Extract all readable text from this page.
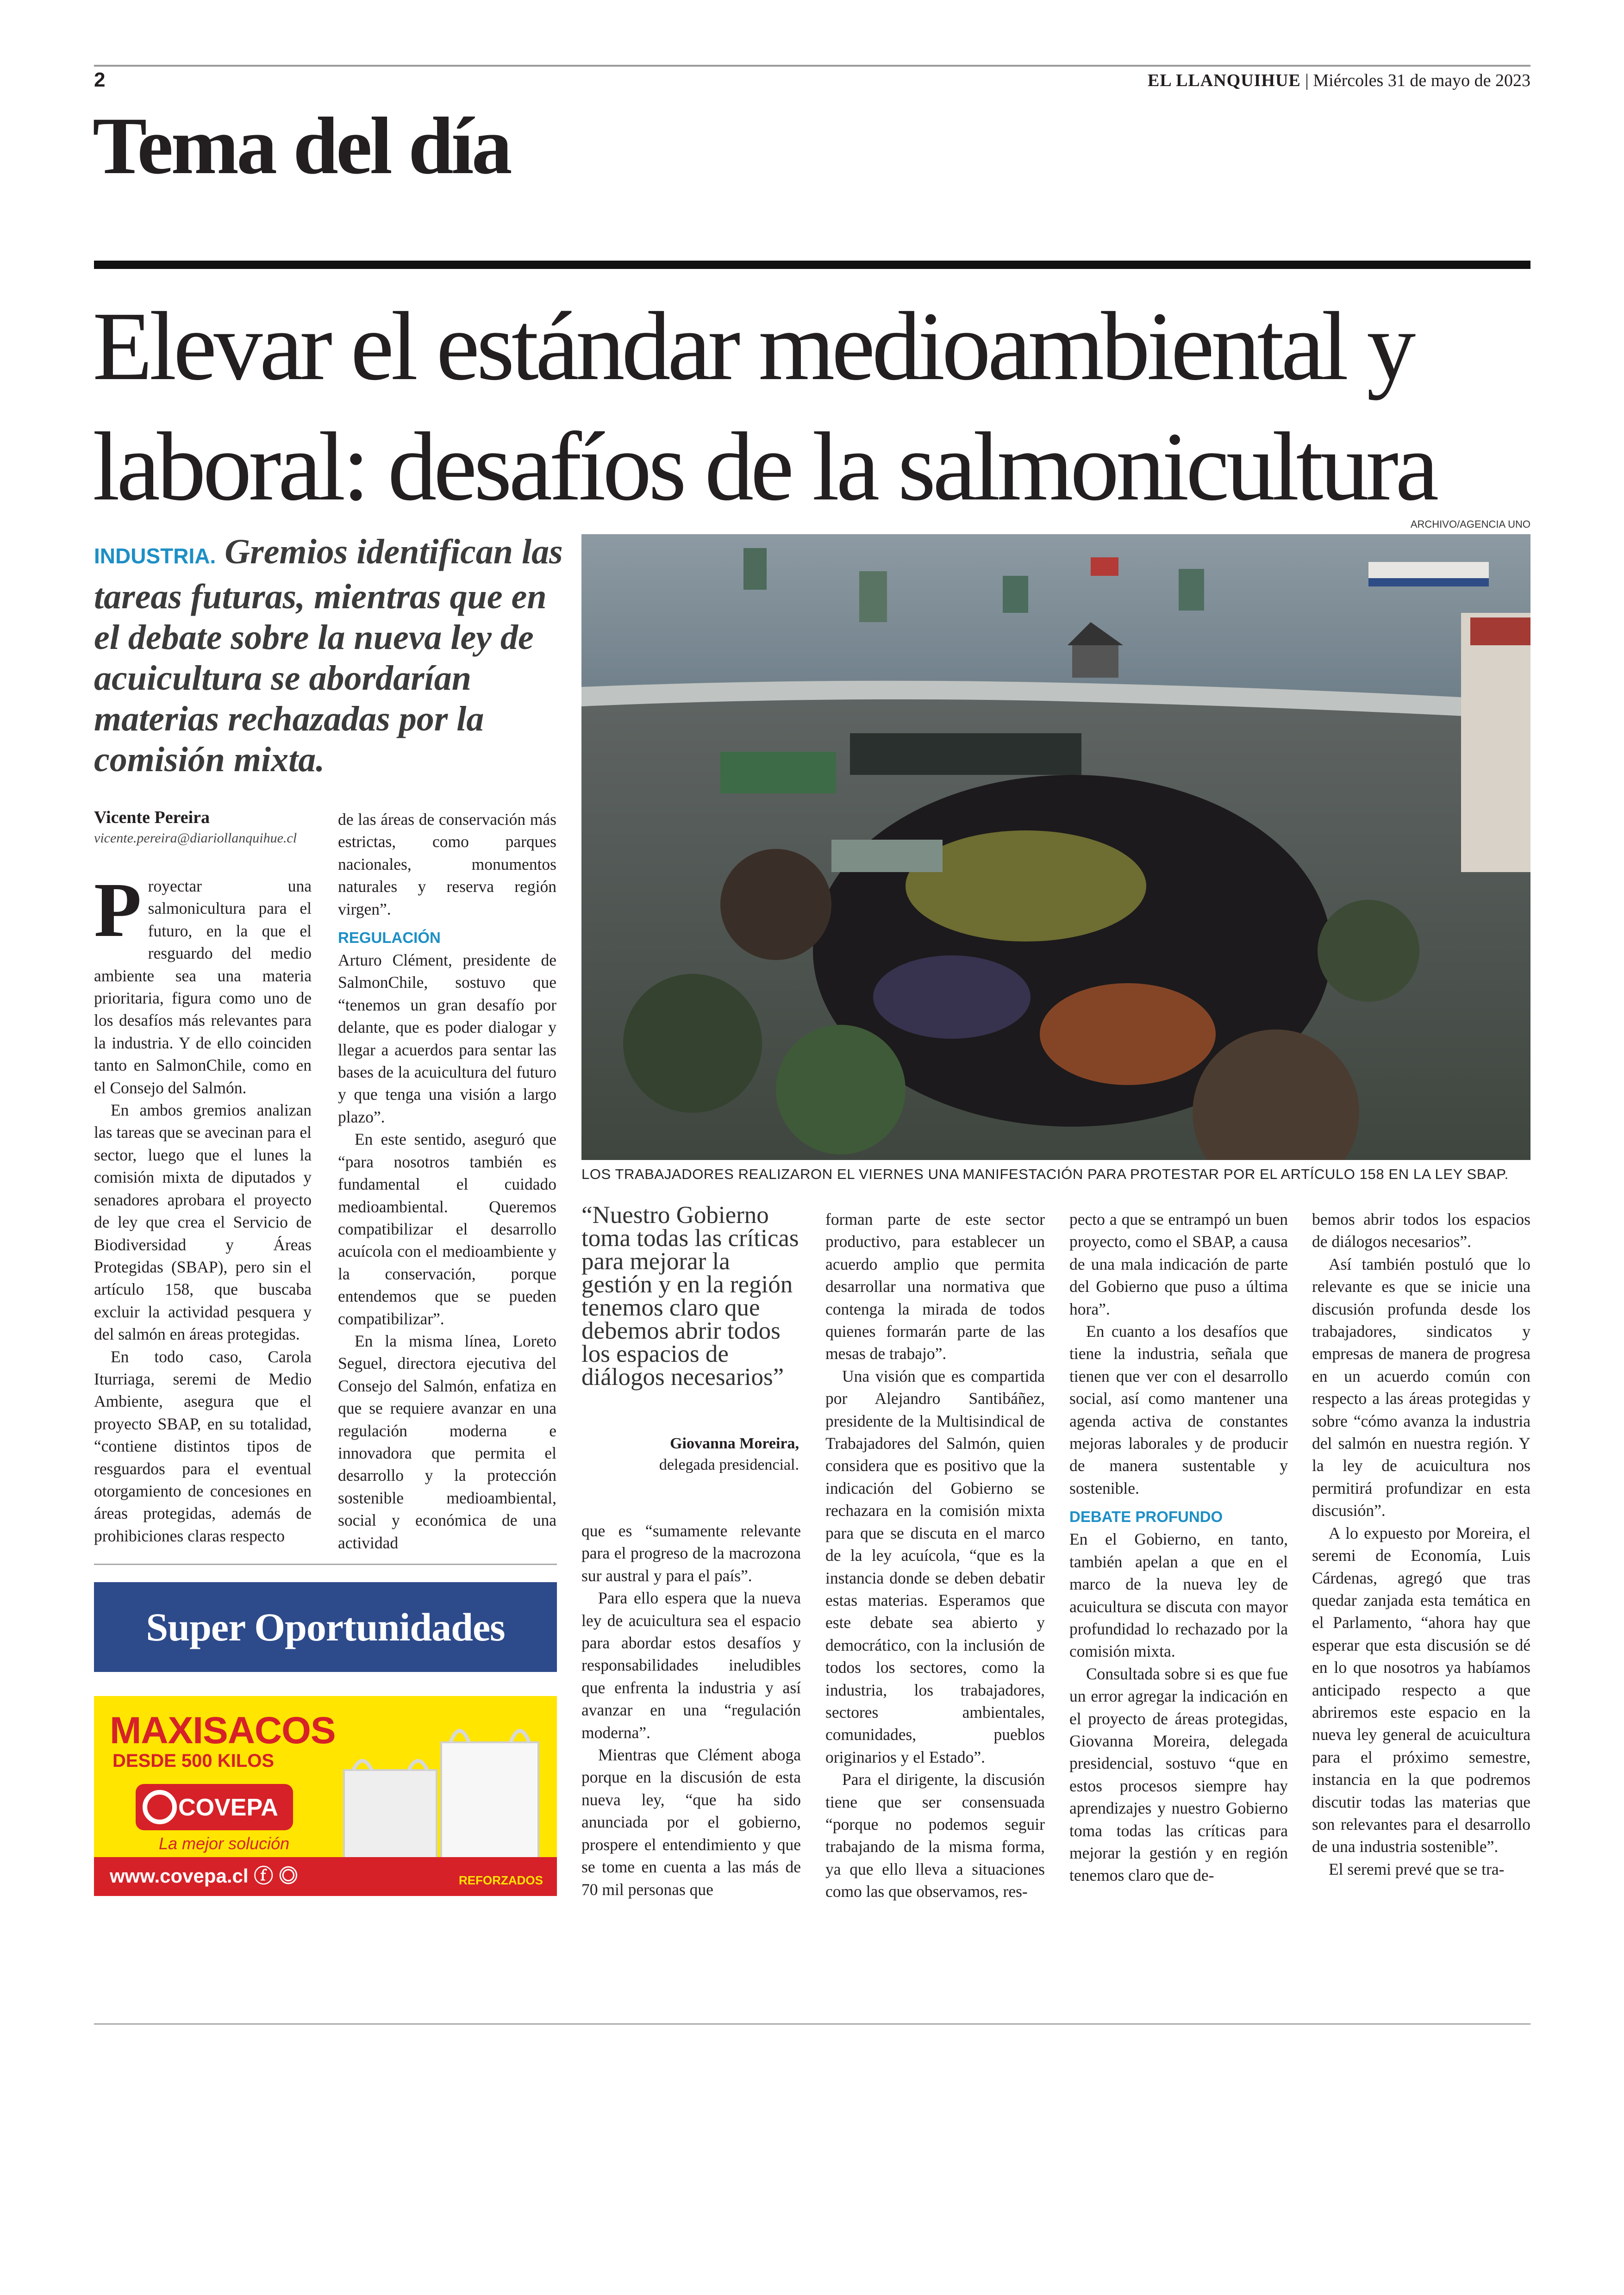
2	EL LLANQUIHUE | Miércoles 31 de mayo de 2023
Tema del día
Elevar el estándar medioambiental y
laboral: desafíos de la salmonicultura
INDUSTRIA. Gremios identifican las tareas futuras, mientras que en el debate sobre la nueva ley de acuicultura se abordarían materias rechazadas por la comisión mixta.
ARCHIVO/AGENCIA UNO
LOS TRABAJADORES REALIZARON EL VIERNES UNA MANIFESTACIÓN PARA PROTESTAR POR EL ARTÍCULO 158 EN LA LEY SBAP.
Vicente Pereira
vicente.pereira@diariollanquihue.cl

Proyectar una salmonicultura para el futuro, en la que el resguardo del medio ambiente sea una materia prioritaria, figura como uno de los desafíos más relevantes para la industria. Y de ello coinciden tanto en SalmonChile, como en el Consejo del Salmón.

En ambos gremios analizan las tareas que se avecinan para el sector, luego que el lunes la comisión mixta de diputados y senadores aprobara el proyecto de ley que crea el Servicio de Biodiversidad y Áreas Protegidas (SBAP), pero sin el artículo 158, que buscaba excluir la actividad pesquera y del salmón en áreas protegidas.

En todo caso, Carola Iturriaga, seremi de Medio Ambiente, asegura que el proyecto SBAP, en su totalidad, “contiene distintos tipos de resguardos para el eventual otorgamiento de concesiones en áreas protegidas, además de prohibiciones claras respecto

de las áreas de conservación más estrictas, como parques nacionales, monumentos naturales y reserva región virgen”.

REGULACIÓN

Arturo Clément, presidente de SalmonChile, sostuvo que “tenemos un gran desafío por delante, que es poder dialogar y llegar a acuerdos para sentar las bases de la acuicultura del futuro y que tenga una visión a largo plazo”.

En este sentido, aseguró que “para nosotros también es fundamental el cuidado medioambiental. Queremos compatibilizar el desarrollo acuícola con el medioambiente y la conservación, porque entendemos que se pueden compatibilizar”.

En la misma línea, Loreto Seguel, directora ejecutiva del Consejo del Salmón, enfatiza en que se requiere avanzar en una regulación moderna e innovadora que permita el desarrollo y la protección sostenible medioambiental, social y económica de una actividad

“Nuestro Gobierno toma todas las críticas para mejorar la gestión y en la región tenemos claro que debemos abrir todos los espacios de diálogos necesarios”
Giovanna Moreira,
delegada presidencial.

que es “sumamente relevante para el progreso de la macrozona sur austral y para el país”.

Para ello espera que la nueva ley de acuicultura sea el espacio para abordar estos desafíos y responsabilidades ineludibles que enfrenta la industria y así avanzar en una “regulación moderna”.

Mientras que Clément aboga porque en la discusión de esta nueva ley, “que ha sido anunciada por el gobierno, prospere el entendimiento y que se tome en cuenta a las más de 70 mil personas que

forman parte de este sector productivo, para establecer un acuerdo amplio que permita desarrollar una normativa que contenga la mirada de todos quienes formarán parte de las mesas de trabajo”.

Una visión que es compartida por Alejandro Santibáñez, presidente de la Multisindical de Trabajadores del Salmón, quien considera que es positivo que la indicación del Gobierno se rechazara en la comisión mixta para que se discuta en el marco de la ley acuícola, “que es la instancia donde se deben debatir estas materias. Esperamos que este debate sea abierto y democrático, con la inclusión de todos los sectores, como la industria, los trabajadores, sectores ambientales, comunidades, pueblos originarios y el Estado”.

Para el dirigente, la discusión tiene que ser consensuada “porque no podemos seguir trabajando de la misma forma, ya que ello lleva a situaciones como las que observamos, res-

pecto a que se entrampó un buen proyecto, como el SBAP, a causa de una mala indicación de parte del Gobierno que puso a última hora”.

En cuanto a los desafíos que tiene la industria, señala que tienen que ver con el desarrollo social, así como mantener una agenda activa de constantes mejoras laborales y de producir de manera sustentable y sostenible.

DEBATE PROFUNDO

En el Gobierno, en tanto, también apelan a que en el marco de la nueva ley de acuicultura se discuta con mayor profundidad lo rechazado por la comisión mixta.

Consultada sobre si es que fue un error agregar la indicación en el proyecto de áreas protegidas, Giovanna Moreira, delegada presidencial, sostuvo “que en estos procesos siempre hay aprendizajes y nuestro Gobierno toma todas las críticas para mejorar la gestión y en región tenemos claro que de-

bemos abrir todos los espacios de diálogos necesarios”.

Así también postuló que lo relevante es que se inicie una discusión profunda desde los trabajadores, sindicatos y empresas de manera de progresa en un acuerdo común con respecto a las áreas protegidas y sobre “cómo avanza la industria del salmón en nuestra región. Y la ley de acuicultura nos permitirá profundizar en esta discusión”.

A lo expuesto por Moreira, el seremi de Economía, Luis Cárdenas, agregó que tras quedar zanjada esta temática en el Parlamento, “ahora hay que esperar que esta discusión se dé en lo que nosotros ya habíamos anticipado respecto a que abriremos este espacio en la nueva ley general de acuicultura para el próximo semestre, instancia en la que podremos discutir todas las materias que son relevantes para el desarrollo de una industria sostenible”.

El seremi prevé que se tra-

Super Oportunidades
MAXISACOS
DESDE 500 KILOS
COVEPA
La mejor solución
www.covepa.cl ⓕ ◎	REFORZADOS
